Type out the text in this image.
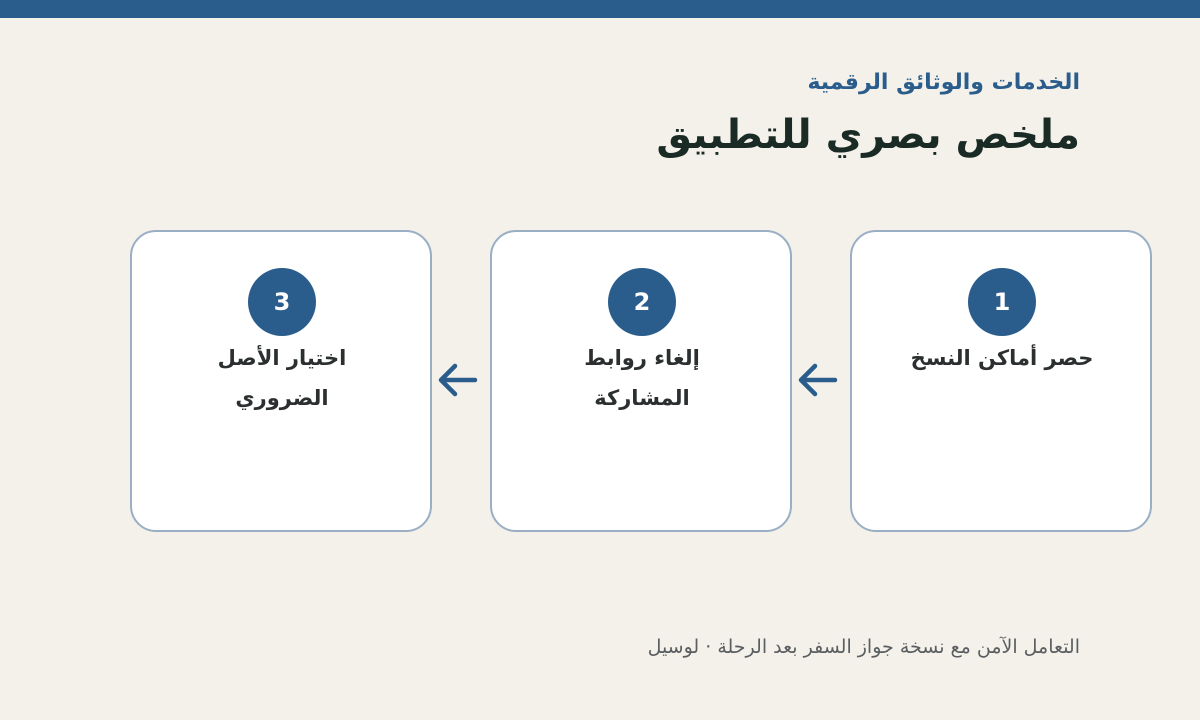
الخدمات والوثائق الرقمية
ملخص بصري للتطبيق
1
حصر أماكن النسخ
2
إلغاء روابط المشاركة
3
اختيار الأصل الضروري
التعامل الآمن مع نسخة جواز السفر بعد الرحلة · لوسيل
